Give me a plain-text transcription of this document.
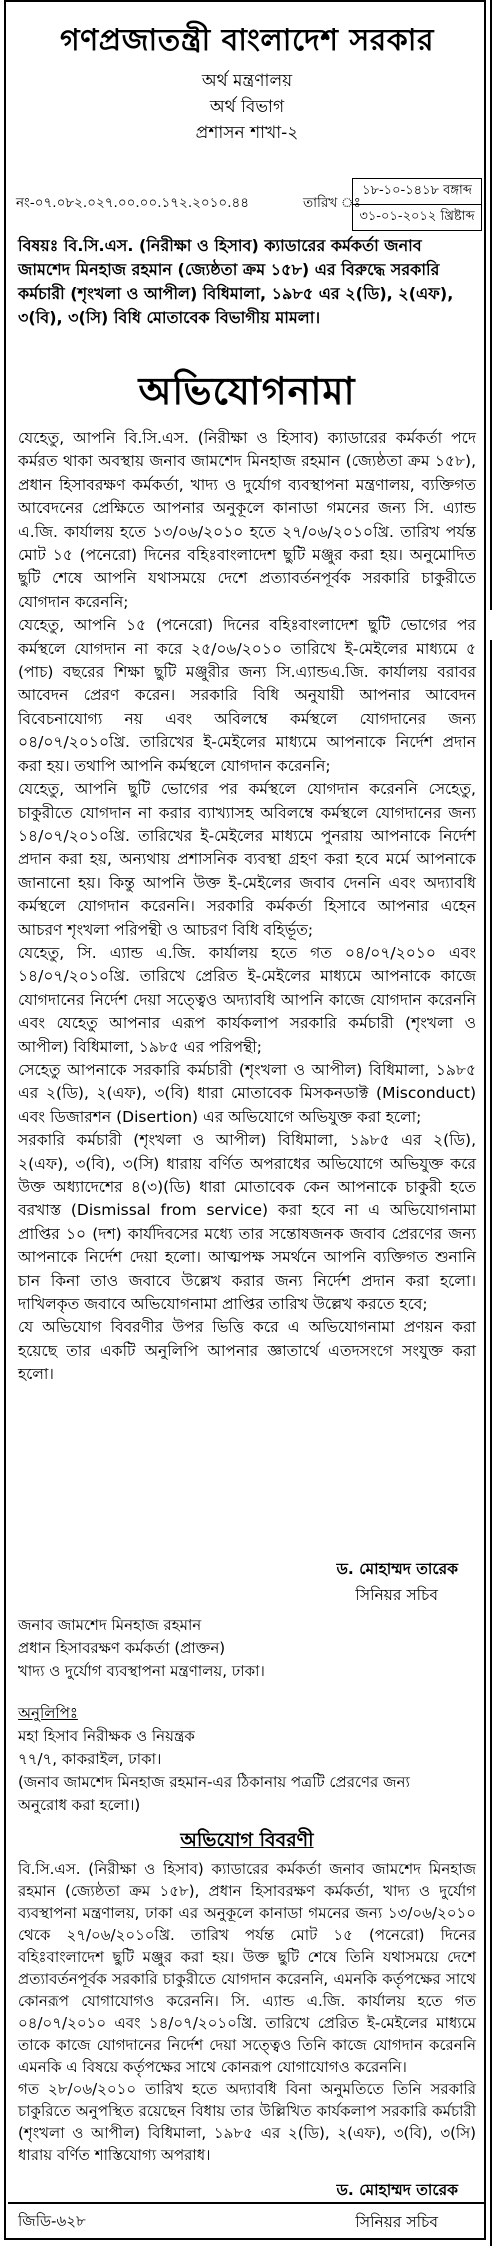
গণপ্রজাতন্ত্রী বাংলাদেশ সরকার
অর্থ মন্ত্রণালয়
অর্থ বিভাগ
প্রশাসন শাখা-২
নং-০৭.০৮২.০২৭.০০.০০.১৭২.২০১০.৪৪	তারিখ ঃ
১৮-১০-১৪১৮ বঙ্গাব্দ
৩১-০১-২০১২ খ্রিষ্টাব্দ
বিষয়ঃ বি.সি.এস. (নিরীক্ষা ও হিসাব) ক্যাডারের কর্মকর্তা জনাব জামশেদ মিনহাজ রহমান (জ্যেষ্ঠতা ক্রম ১৫৮) এর বিরুদ্ধে সরকারি কর্মচারী (শৃংখলা ও আপীল) বিধিমালা, ১৯৮৫ এর ২(ডি), ২(এফ), ৩(বি), ৩(সি) বিধি মোতাবেক বিভাগীয় মামলা।
অভিযোগনামা

যেহেতু, আপনি বি.সি.এস. (নিরীক্ষা ও হিসাব) ক্যাডারের কর্মকর্তা পদে কর্মরত থাকা অবস্থায় জনাব জামশেদ মিনহাজ রহমান (জ্যেষ্ঠতা ক্রম ১৫৮), প্রধান হিসাবরক্ষণ কর্মকর্তা, খাদ্য ও দুর্যোগ ব্যবস্থাপনা মন্ত্রণালয়, ব্যক্তিগত আবেদনের প্রেক্ষিতে আপনার অনুকূলে কানাডা গমনের জন্য সি. এ্যান্ড এ.জি. কার্যালয় হতে ১৩/০৬/২০১০ হতে ২৭/০৬/২০১০খ্রি. তারিখ পর্যন্ত মোট ১৫ (পনেরো) দিনের বহিঃবাংলাদেশ ছুটি মঞ্জুর করা হয়। অনুমোদিত ছুটি শেষে আপনি যথাসময়ে দেশে প্রত্যাবর্তনপূর্বক সরকারি চাকুরীতে যোগদান করেননি;

যেহেতু, আপনি ১৫ (পনেরো) দিনের বহিঃবাংলাদেশ ছুটি ভোগের পর কর্মস্থলে যোগদান না করে ২৫/০৬/২০১০ তারিখে ই-মেইলের মাধ্যমে ৫ (পাচ) বছরের শিক্ষা ছুটি মঞ্জুরীর জন্য সি.এ্যান্ডএ.জি. কার্যালয় বরাবর আবেদন প্রেরণ করেন। সরকারি বিধি অনুযায়ী আপনার আবেদন বিবেচনাযোগ্য নয় এবং অবিলম্বে কর্মস্থলে যোগদানের জন্য ০৪/০৭/২০১০খ্রি. তারিখের ই-মেইলের মাধ্যমে আপনাকে নির্দেশ প্রদান করা হয়। তথাপি আপনি কর্মস্থলে যোগদান করেননি;

যেহেতু, আপনি ছুটি ভোগের পর কর্মস্থলে যোগদান করেননি সেহেতু, চাকুরীতে যোগদান না করার ব্যাখ্যাসহ অবিলম্বে কর্মস্থলে যোগদানের জন্য ১৪/০৭/২০১০খ্রি. তারিখের ই-মেইলের মাধ্যমে পুনরায় আপনাকে নির্দেশ প্রদান করা হয়, অন্যথায় প্রশাসনিক ব্যবস্থা গ্রহণ করা হবে মর্মে আপনাকে জানানো হয়। কিন্তু আপনি উক্ত ই-মেইলের জবাব দেননি এবং অদ্যাবধি কর্মস্থলে যোগদান করেননি। সরকারি কর্মকর্তা হিসাবে আপনার এহেন আচরণ শৃংখলা পরিপন্থী ও আচরণ বিধি বহির্ভূত;

যেহেতু, সি. এ্যান্ড এ.জি. কার্যালয় হতে গত ০৪/০৭/২০১০ এবং ১৪/০৭/২০১০খ্রি. তারিখে প্রেরিত ই-মেইলের মাধ্যমে আপনাকে কাজে যোগদানের নির্দেশ দেয়া সত্ত্বেও অদ্যাবধি আপনি কাজে যোগদান করেননি এবং যেহেতু আপনার এরূপ কার্যকলাপ সরকারি কর্মচারী (শৃংখলা ও আপীল) বিধিমালা, ১৯৮৫ এর পরিপন্থী;

সেহেতু আপনাকে সরকারি কর্মচারী (শৃংখলা ও আপীল) বিধিমালা, ১৯৮৫ এর ২(ডি), ২(এফ), ৩(বি) ধারা মোতাবেক মিসকনডাক্ট (Misconduct) এবং ডিজারশন (Disertion) এর অভিযোগে অভিযুক্ত করা হলো;

সরকারি কর্মচারী (শৃংখলা ও আপীল) বিধিমালা, ১৯৮৫ এর ২(ডি), ২(এফ), ৩(বি), ৩(সি) ধারায় বর্ণিত অপরাধের অভিযোগে অভিযুক্ত করে উক্ত অধ্যাদেশের ৪(৩)(ডি) ধারা মোতাবেক কেন আপনাকে চাকুরী হতে বরখাস্ত (Dismissal from service) করা হবে না এ অভিযোগনামা প্রাপ্তির ১০ (দশ) কার্যদিবসের মধ্যে তার সন্তোষজনক জবাব প্রেরণের জন্য আপনাকে নির্দেশ দেয়া হলো। আত্মপক্ষ সমর্থনে আপনি ব্যক্তিগত শুনানি চান কিনা তাও জবাবে উল্লেখ করার জন্য নির্দেশ প্রদান করা হলো। দাখিলকৃত জবাবে অভিযোগনামা প্রাপ্তির তারিখ উল্লেখ করতে হবে;

যে অভিযোগ বিবরণীর উপর ভিত্তি করে এ অভিযোগনামা প্রণয়ন করা হয়েছে তার একটি অনুলিপি আপনার জ্ঞাতার্থে এতদসংগে সংযুক্ত করা হলো।

ড. মোহাম্মদ তারেক
সিনিয়র সচিব
জনাব জামশেদ মিনহাজ রহমান
প্রধান হিসাবরক্ষণ কর্মকর্তা (প্রাক্তন)
খাদ্য ও দুর্যোগ ব্যবস্থাপনা মন্ত্রণালয়, ঢাকা।
অনুলিপিঃ
মহা হিসাব নিরীক্ষক ও নিয়ন্ত্রক
৭৭/৭, কাকরাইল, ঢাকা।
(জনাব জামশেদ মিনহাজ রহমান-এর ঠিকানায় পত্রটি প্রেরণের জন্য
অনুরোধ করা হলো।)
অভিযোগ বিবরণী

বি.সি.এস. (নিরীক্ষা ও হিসাব) ক্যাডারের কর্মকর্তা জনাব জামশেদ মিনহাজ রহমান (জ্যেষ্ঠতা ক্রম ১৫৮), প্রধান হিসাবরক্ষণ কর্মকর্তা, খাদ্য ও দুর্যোগ ব্যবস্থাপনা মন্ত্রণালয়, ঢাকা এর অনুকূলে কানাডা গমনের জন্য ১৩/০৬/২০১০ থেকে ২৭/০৬/২০১০খ্রি. তারিখ পর্যন্ত মোট ১৫ (পনেরো) দিনের বহিঃবাংলাদেশ ছুটি মঞ্জুর করা হয়। উক্ত ছুটি শেষে তিনি যথাসময়ে দেশে প্রত্যাবর্তনপূর্বক সরকারি চাকুরীতে যোগদান করেননি, এমনকি কর্তৃপক্ষের সাথে কোনরূপ যোগাযোগও করেননি। সি. এ্যান্ড এ.জি. কার্যালয় হতে গত ০৪/০৭/২০১০ এবং ১৪/০৭/২০১০খ্রি. তারিখে প্রেরিত ই-মেইলের মাধ্যমে তাকে কাজে যোগদানের নির্দেশ দেয়া সত্ত্বেও তিনি কাজে যোগদান করেননি এমনকি এ বিষয়ে কর্তৃপক্ষের সাথে কোনরূপ যোগাযোগও করেননি।

গত ২৮/০৬/২০১০ তারিখ হতে অদ্যাবধি বিনা অনুমতিতে তিনি সরকারি চাকুরিতে অনুপস্থিত রয়েছেন বিধায় তার উল্লিখিত কার্যকলাপ সরকারি কর্মচারী (শৃংখলা ও আপীল) বিধিমালা, ১৯৮৫ এর ২(ডি), ২(এফ), ৩(বি), ৩(সি) ধারায় বর্ণিত শাস্তিযোগ্য অপরাধ।

ড. মোহাম্মদ তারেক
জিডি-৬২৮	সিনিয়র সচিব
